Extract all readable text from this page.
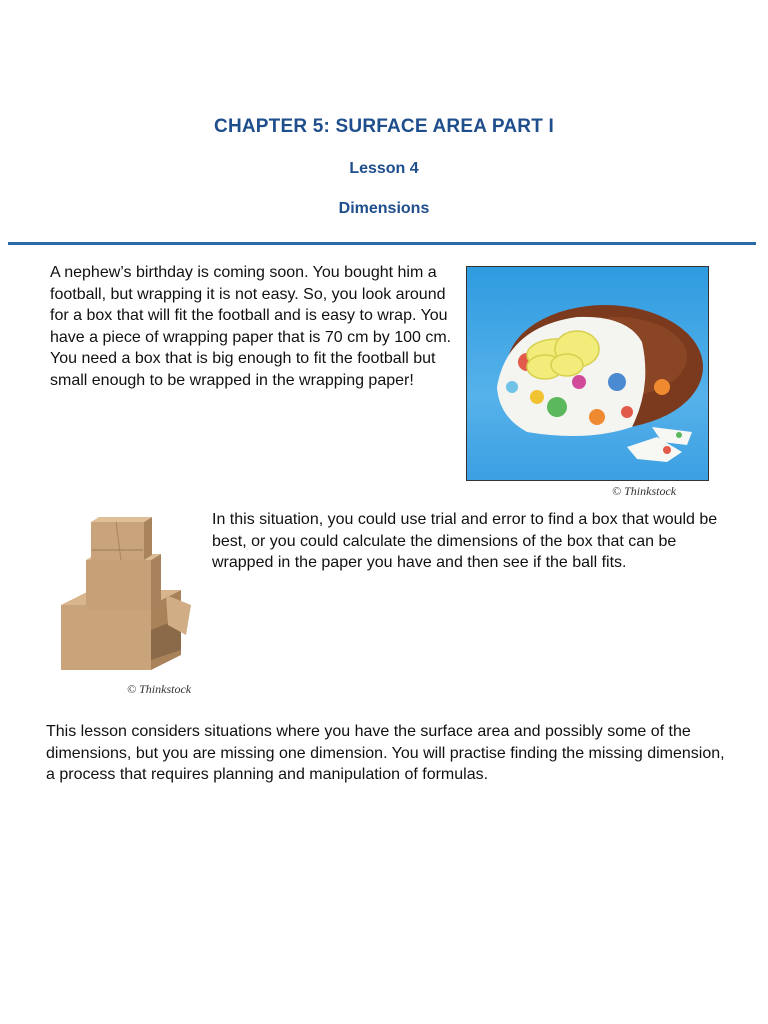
CHAPTER 5: SURFACE AREA PART I
Lesson 4
Dimensions

A nephew’s birthday is coming soon. You bought him a football, but wrapping it is not easy. So, you look around for a box that will fit the football and is easy to wrap. You have a piece of wrapping paper that is 70 cm by 100 cm. You need a box that is big enough to fit the football but small enough to be wrapped in the wrapping paper!

© Thinkstock
© Thinkstock

In this situation, you could use trial and error to find a box that would be best, or you could calculate the dimensions of the box that can be wrapped in the paper you have and then see if the ball fits.

This lesson considers situations where you have the surface area and possibly some of the dimensions, but you are missing one dimension. You will practise finding the missing dimension, a process that requires planning and manipulation of formulas.
